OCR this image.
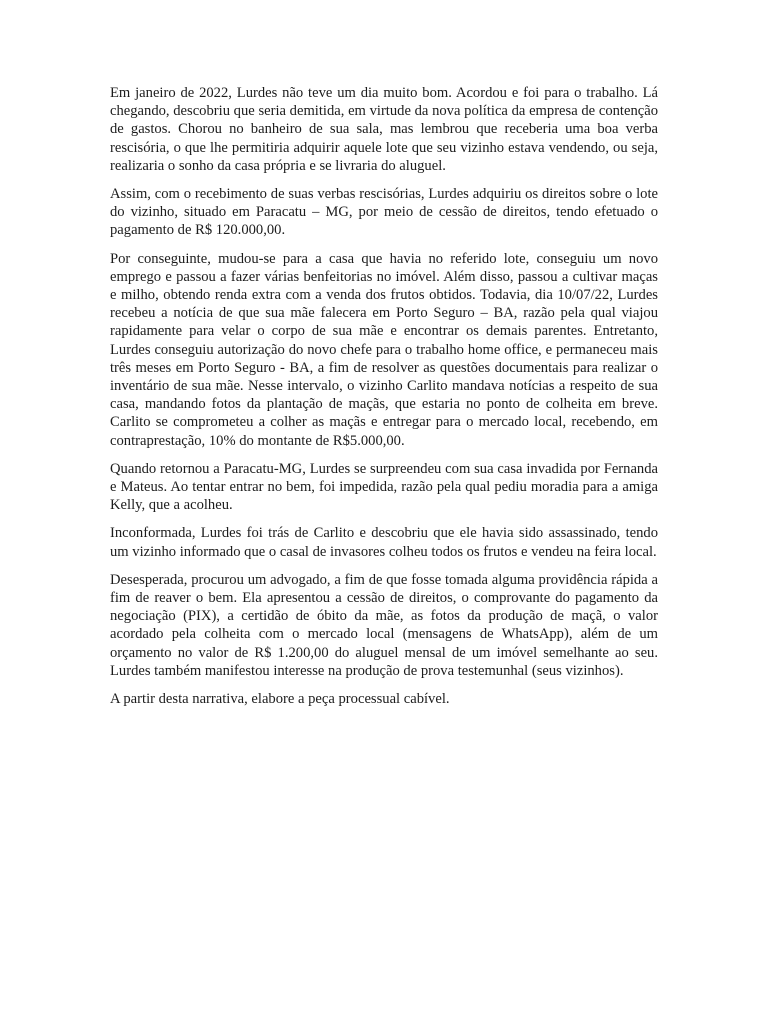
Em janeiro de 2022, Lurdes não teve um dia muito bom. Acordou e foi para o trabalho. Lá chegando, descobriu que seria demitida, em virtude da nova política da empresa de contenção de gastos. Chorou no banheiro de sua sala, mas lembrou que receberia uma boa verba rescisória, o que lhe permitiria adquirir aquele lote que seu vizinho estava vendendo, ou seja, realizaria o sonho da casa própria e se livraria do aluguel.

Assim, com o recebimento de suas verbas rescisórias, Lurdes adquiriu os direitos sobre o lote do vizinho, situado em Paracatu – MG, por meio de cessão de direitos, tendo efetuado o pagamento de R$ 120.000,00.

Por conseguinte, mudou-se para a casa que havia no referido lote, conseguiu um novo emprego e passou a fazer várias benfeitorias no imóvel. Além disso, passou a cultivar maças e milho, obtendo renda extra com a venda dos frutos obtidos. Todavia, dia 10/07/22, Lurdes recebeu a notícia de que sua mãe falecera em Porto Seguro – BA, razão pela qual viajou rapidamente para velar o corpo de sua mãe e encontrar os demais parentes. Entretanto, Lurdes conseguiu autorização do novo chefe para o trabalho home office, e permaneceu mais três meses em Porto Seguro - BA, a fim de resolver as questões documentais para realizar o inventário de sua mãe. Nesse intervalo, o vizinho Carlito mandava notícias a respeito de sua casa, mandando fotos da plantação de maçãs, que estaria no ponto de colheita em breve. Carlito se comprometeu a colher as maçãs e entregar para o mercado local, recebendo, em contraprestação, 10% do montante de R$5.000,00.

Quando retornou a Paracatu-MG, Lurdes se surpreendeu com sua casa invadida por Fernanda e Mateus. Ao tentar entrar no bem, foi impedida, razão pela qual pediu moradia para a amiga Kelly, que a acolheu.

Inconformada, Lurdes foi trás de Carlito e descobriu que ele havia sido assassinado, tendo um vizinho informado que o casal de invasores colheu todos os frutos e vendeu na feira local.

Desesperada, procurou um advogado, a fim de que fosse tomada alguma providência rápida a fim de reaver o bem. Ela apresentou a cessão de direitos, o comprovante do pagamento da negociação (PIX), a certidão de óbito da mãe, as fotos da produção de maçã, o valor acordado pela colheita com o mercado local (mensagens de WhatsApp), além de um orçamento no valor de R$ 1.200,00 do aluguel mensal de um imóvel semelhante ao seu. Lurdes também manifestou interesse na produção de prova testemunhal (seus vizinhos).

A partir desta narrativa, elabore a peça processual cabível.
